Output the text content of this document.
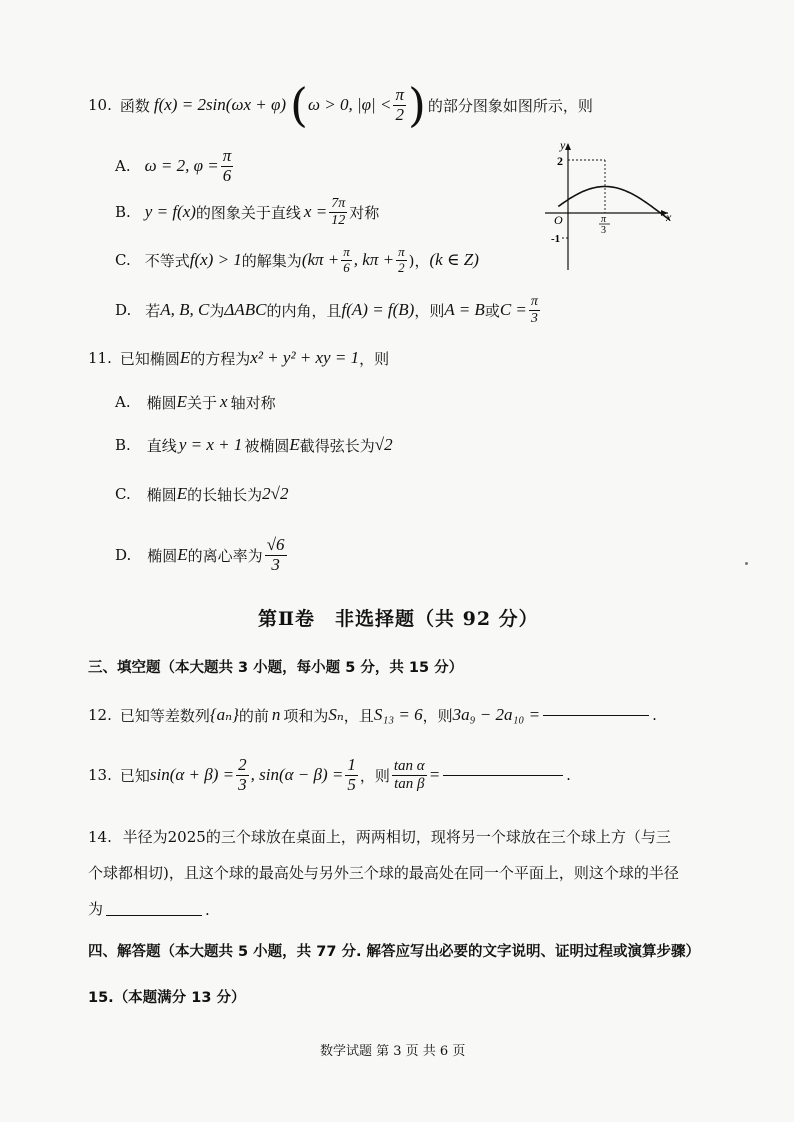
10. 函数 f(x) = 2sin(ωx + φ) ( ω > 0, $|\varphi| < \frac{\pi}{2}$ ) 的部分图象如图所示，则
A. ω = 2, $\varphi = \frac{\pi}{6}$
B. y = f(x) 的图象关于直线 $x = \frac{7\pi}{12}$ 对称
C. 不等式 f(x) > 1 的解集为 ($k\pi + \frac{\pi}{6}$ , $k\pi + \frac{\pi}{2}$ )， (k ∈ Z)
D. 若 A, B, C 为 ΔABC 的内角，且 f(A) = f(B) ，则 A = B 或 $C = \frac{\pi}{3}$
y
x
O
2
-1
π
3
11. 已知椭圆 E 的方程为 x² + y² + xy = 1 ，则
A. 椭圆 E 关于 x 轴对称
B. 直线 y = x + 1 被椭圆 E 截得弦长为 √2
C. 椭圆 E 的长轴长为 2√2
D. 椭圆 E 的离心率为 $\frac{√6}{3}$
第Ⅱ卷　非选择题（共 92 分）
三、填空题（本大题共 3 小题，每小题 5 分，共 15 分）
12. 已知等差数列 {aₙ} 的前 n 项和为 Sₙ ，且 S₁₃ = 6 ，则 3a₉ − 2a₁₀ =	.
13. 已知 $\sin(\alpha + \beta) = \frac{2}{3}$ , $\sin(\alpha - \beta) = \frac{1}{5}$ ，则 $\frac{\text{tan α}}{\text{tan β}}$ =	.
14. 半径为2025的三个球放在桌面上，两两相切，现将另一个球放在三个球上方（与三
个球都相切)，且这个球的最高处与另外三个球的最高处在同一个平面上，则这个球的半径
为	.
四、解答题（本大题共 5 小题，共 77 分. 解答应写出必要的文字说明、证明过程或演算步骤）
15.（本题满分 13 分）
数学试题 第 3 页 共 6 页
